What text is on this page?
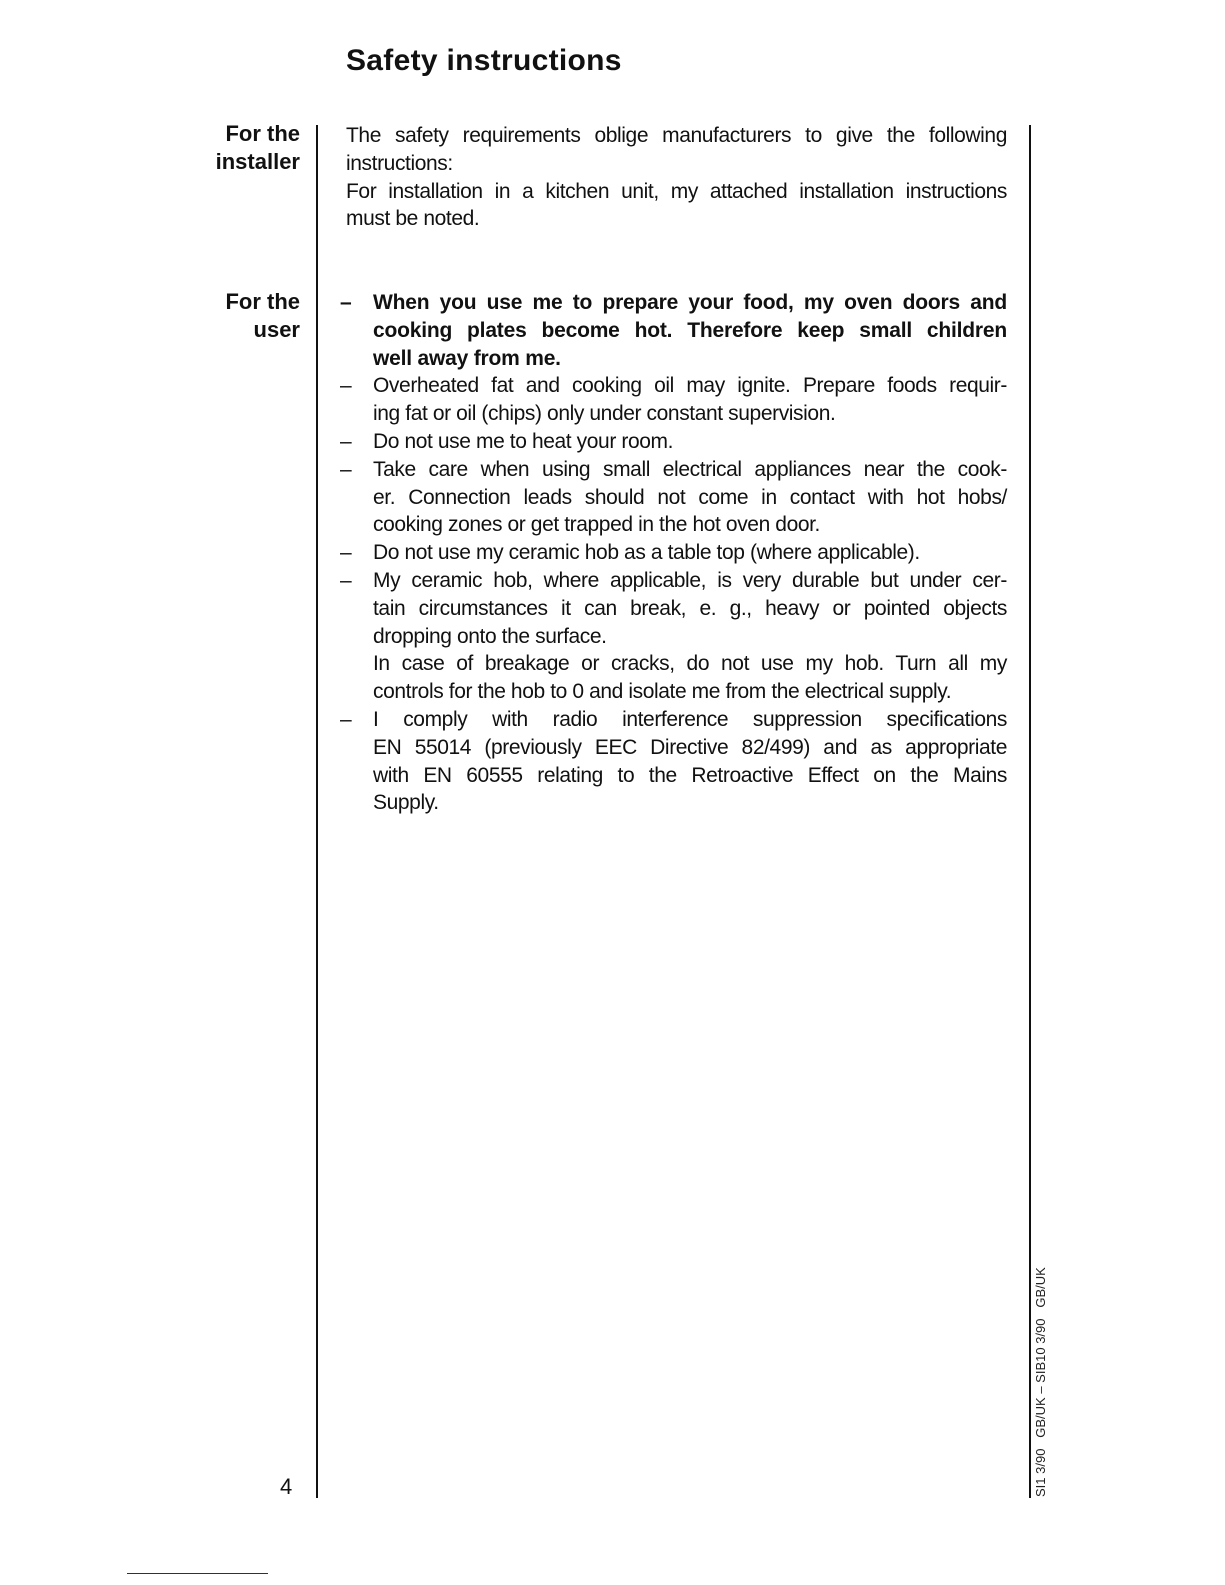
Safety instructions
For the
installer
For the
user
The safety requirements oblige manufacturers to give the following
instructions:
For installation in a kitchen unit, my attached installation instructions
must be noted.
– When you use me to prepare your food, my oven doors and
cooking plates become hot. Therefore keep small children
well away from me.
– Overheated fat and cooking oil may ignite. Prepare foods requir-
ing fat or oil (chips) only under constant supervision.
– Do not use me to heat your room.
– Take care when using small electrical appliances near the cook-
er. Connection leads should not come in contact with hot hobs/
cooking zones or get trapped in the hot oven door.
– Do not use my ceramic hob as a table top (where applicable).
– My ceramic hob, where applicable, is very durable but under cer-
tain circumstances it can break, e. g., heavy or pointed objects
dropping onto the surface.
In case of breakage or cracks, do not use my hob. Turn all my
controls for the hob to 0 and isolate me from the electrical supply.
– I comply with radio interference suppression specifications
EN 55014 (previously EEC Directive 82/499) and as appropriate
with EN 60555 relating to the Retroactive Effect on the Mains
Supply.
4	SI1 3/90   GB/UK – SIB10 3/90   GB/UK
